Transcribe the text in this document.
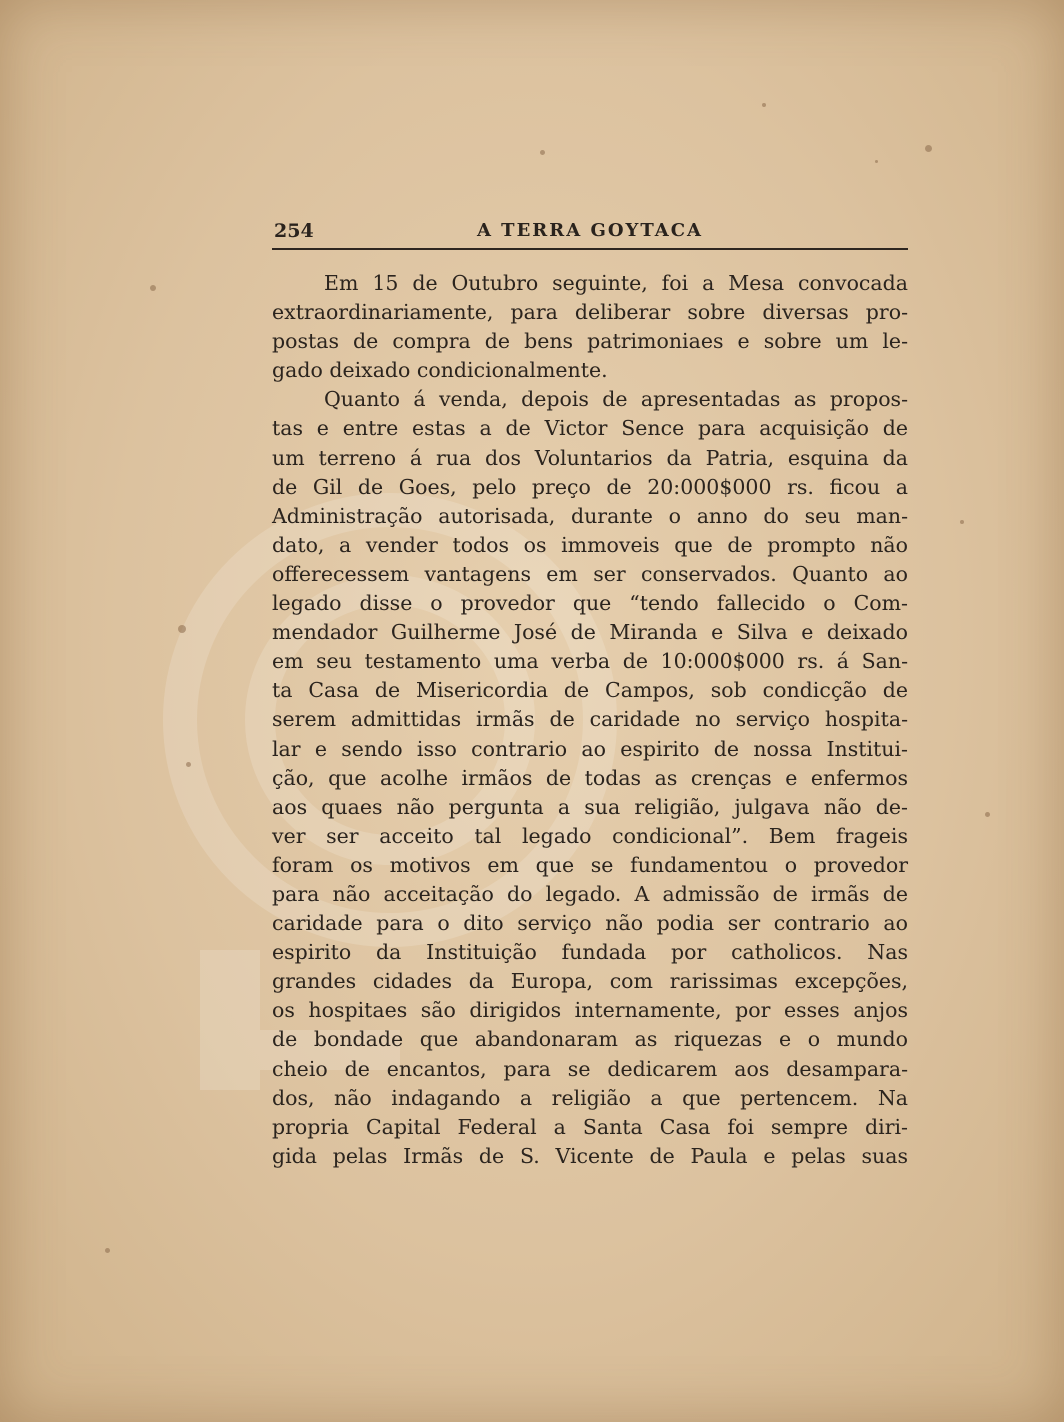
254	A TERRA GOYTACA
Em 15 de Outubro seguinte, foi a Mesa convocada
extraordinariamente, para deliberar sobre diversas pro-
postas de compra de bens patrimoniaes e sobre um le-
gado deixado condicionalmente.
Quanto á venda, depois de apresentadas as propos-
tas e entre estas a de Victor Sence para acquisição de
um terreno á rua dos Voluntarios da Patria, esquina da
de Gil de Goes, pelo preço de 20:000$000 rs. ficou a
Administração autorisada, durante o anno do seu man-
dato, a vender todos os immoveis que de prompto não
offerecessem vantagens em ser conservados. Quanto ao
legado disse o provedor que “tendo fallecido o Com-
mendador Guilherme José de Miranda e Silva e deixado
em seu testamento uma verba de 10:000$000 rs. á San-
ta Casa de Misericordia de Campos, sob condicção de
serem admittidas irmãs de caridade no serviço hospita-
lar e sendo isso contrario ao espirito de nossa Institui-
ção, que acolhe irmãos de todas as crenças e enfermos
aos quaes não pergunta a sua religião, julgava não de-
ver ser acceito tal legado condicional”. Bem frageis
foram os motivos em que se fundamentou o provedor
para não acceitação do legado. A admissão de irmãs de
caridade para o dito serviço não podia ser contrario ao
espirito da Instituição fundada por catholicos. Nas
grandes cidades da Europa, com rarissimas excepções,
os hospitaes são dirigidos internamente, por esses anjos
de bondade que abandonaram as riquezas e o mundo
cheio de encantos, para se dedicarem aos desampara-
dos, não indagando a religião a que pertencem. Na
propria Capital Federal a Santa Casa foi sempre diri-
gida pelas Irmãs de S. Vicente de Paula e pelas suas
